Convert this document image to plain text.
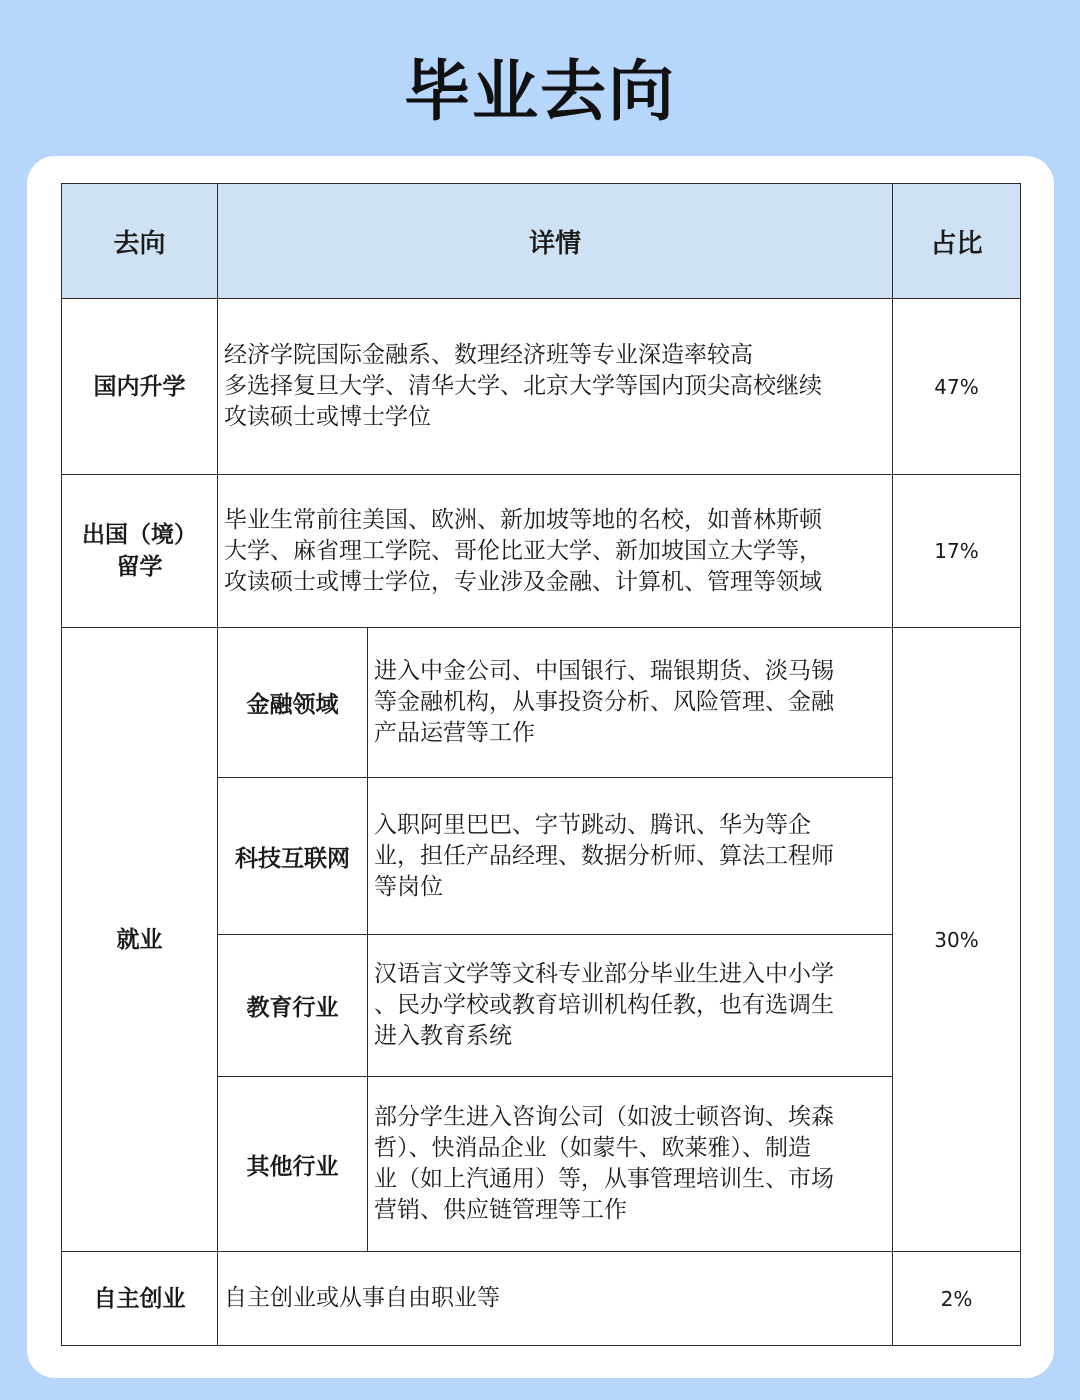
毕业去向
去向	详情		占比
国内升学	经济学院国际金融系、数理经济班等专业深造率较高
多选择复旦大学、清华大学、北京大学等国内顶尖高校继续
攻读硕士或博士学位		47%
出国（境）
留学	毕业生常前往美国、欧洲、新加坡等地的名校，如普林斯顿
大学、麻省理工学院、哥伦比亚大学、新加坡国立大学等，
攻读硕士或博士学位，专业涉及金融、计算机、管理等领域		17%
就业	金融领域	进入中金公司、中国银行、瑞银期货、淡马锡
等金融机构，从事投资分析、风险管理、金融
产品运营等工作	30%
	科技互联网	入职阿里巴巴、字节跳动、腾讯、华为等企
业，担任产品经理、数据分析师、算法工程师
等岗位	
	教育行业	汉语言文学等文科专业部分毕业生进入中小学
、民办学校或教育培训机构任教，也有选调生
进入教育系统	
	其他行业	部分学生进入咨询公司（如波士顿咨询、埃森
哲）、快消品企业（如蒙牛、欧莱雅）、制造
业（如上汽通用）等，从事管理培训生、市场
营销、供应链管理等工作	
自主创业	自主创业或从事自由职业等		2%
